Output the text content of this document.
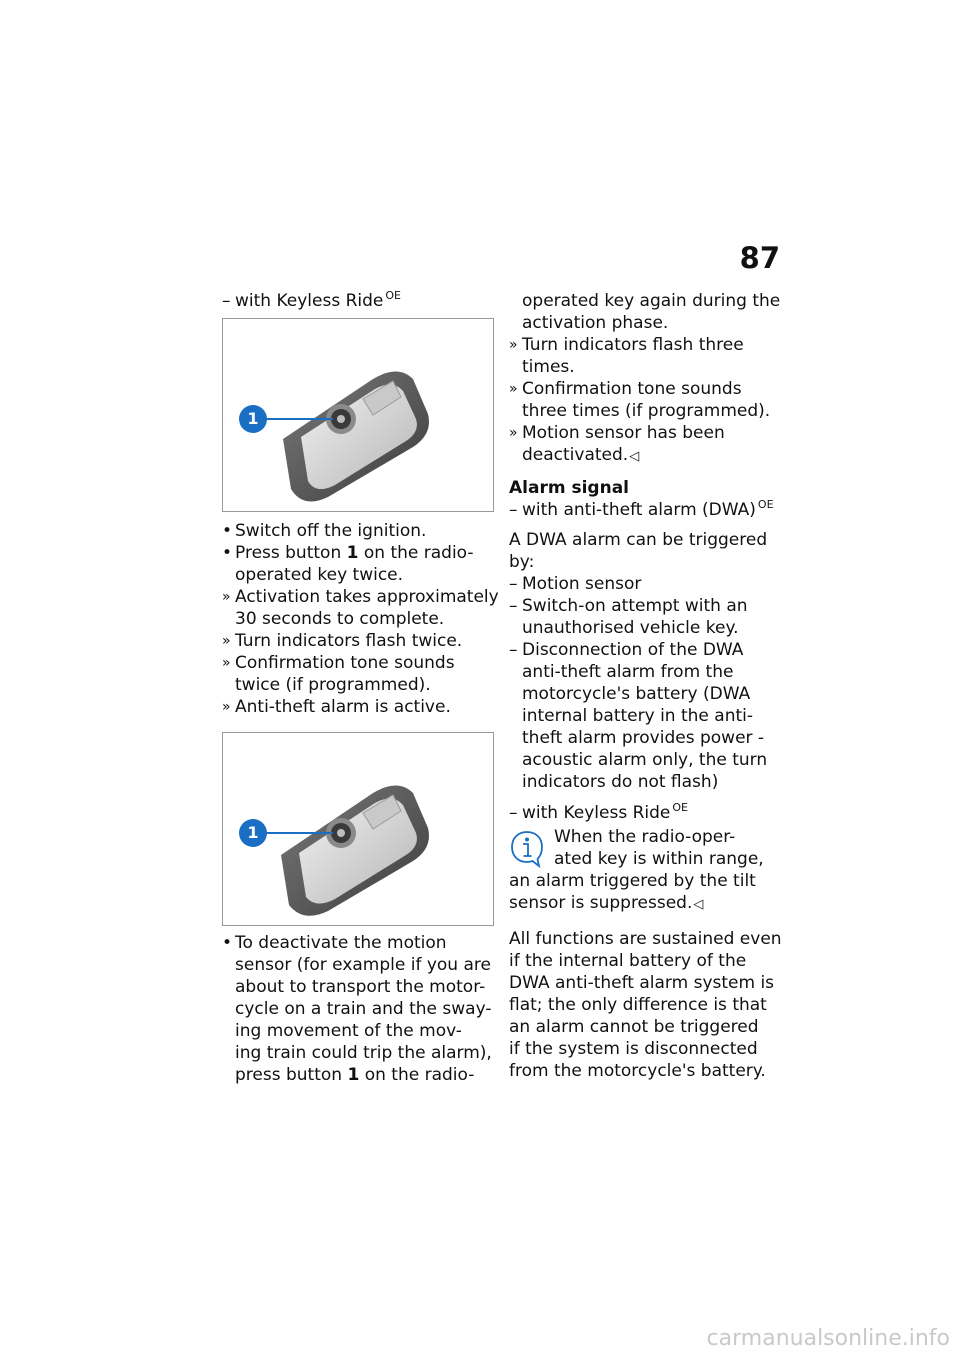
87
– with Keyless Ride $^{OE}$
1
• Switch off the ignition.
• Press button 1 on the radio-
operated key twice.
» Activation takes approximately
30 seconds to complete.
» Turn indicators flash twice.
» Confirmation tone sounds
twice (if programmed).
» Anti-theft alarm is active.
1
• To deactivate the motion
sensor (for example if you are
about to transport the motor-
cycle on a train and the sway-
ing movement of the mov-
ing train could trip the alarm),
press button 1 on the radio-
operated key again during the
activation phase.
» Turn indicators flash three
times.
» Confirmation tone sounds
three times (if programmed).
» Motion sensor has been
deactivated.◁
Alarm signal
– with anti-theft alarm (DWA) $^{OE}$
A DWA alarm can be triggered
by:
– Motion sensor
– Switch-on attempt with an
unauthorised vehicle key.
– Disconnection of the DWA
anti-theft alarm from the
motorcycle's battery (DWA
internal battery in the anti-
theft alarm provides power -
acoustic alarm only, the turn
indicators do not flash)
– with Keyless Ride $^{OE}$
When the radio-oper-
ated key is within range,
an alarm triggered by the tilt
sensor is suppressed.◁
All functions are sustained even
if the internal battery of the
DWA anti-theft alarm system is
flat; the only difference is that
an alarm cannot be triggered
if the system is disconnected
from the motorcycle's battery.
carmanualsonline.info
